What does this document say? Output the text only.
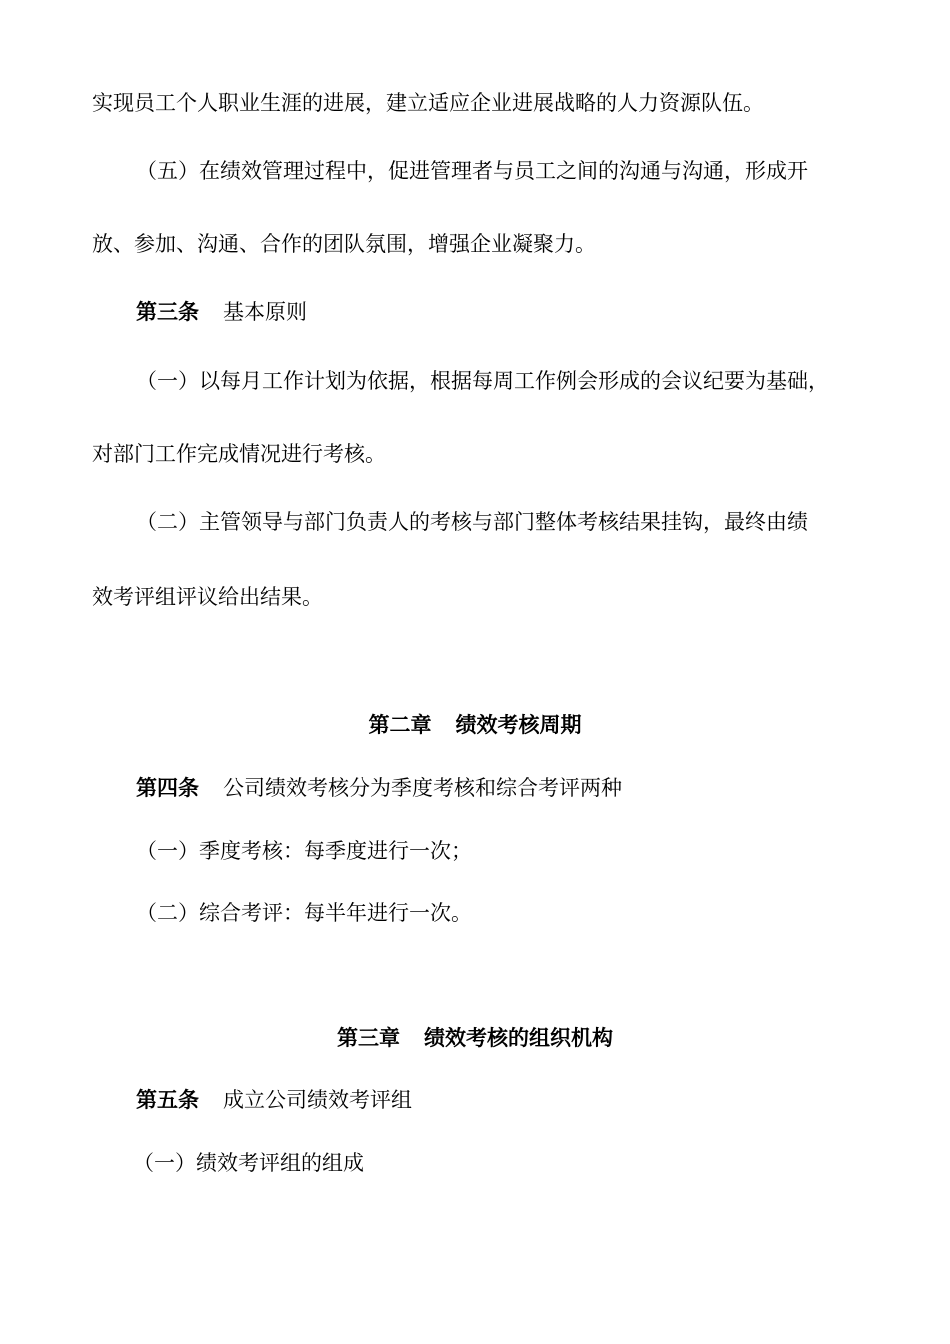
实现员工个人职业生涯的进展，建立适应企业进展战略的人力资源队伍。
（五）在绩效管理过程中，促进管理者与员工之间的沟通与沟通，形成开
放、参加、沟通、合作的团队氛围，增强企业凝聚力。
第三条 基本原则
（一）以每月工作计划为依据，根据每周工作例会形成的会议纪要为基础，
对部门工作完成情况进行考核。
（二）主管领导与部门负责人的考核与部门整体考核结果挂钩，最终由绩
效考评组评议给出结果。
第二章 绩效考核周期
第四条 公司绩效考核分为季度考核和综合考评两种
（一）季度考核：每季度进行一次；
（二）综合考评：每半年进行一次。
第三章 绩效考核的组织机构
第五条 成立公司绩效考评组
（一）绩效考评组的组成
